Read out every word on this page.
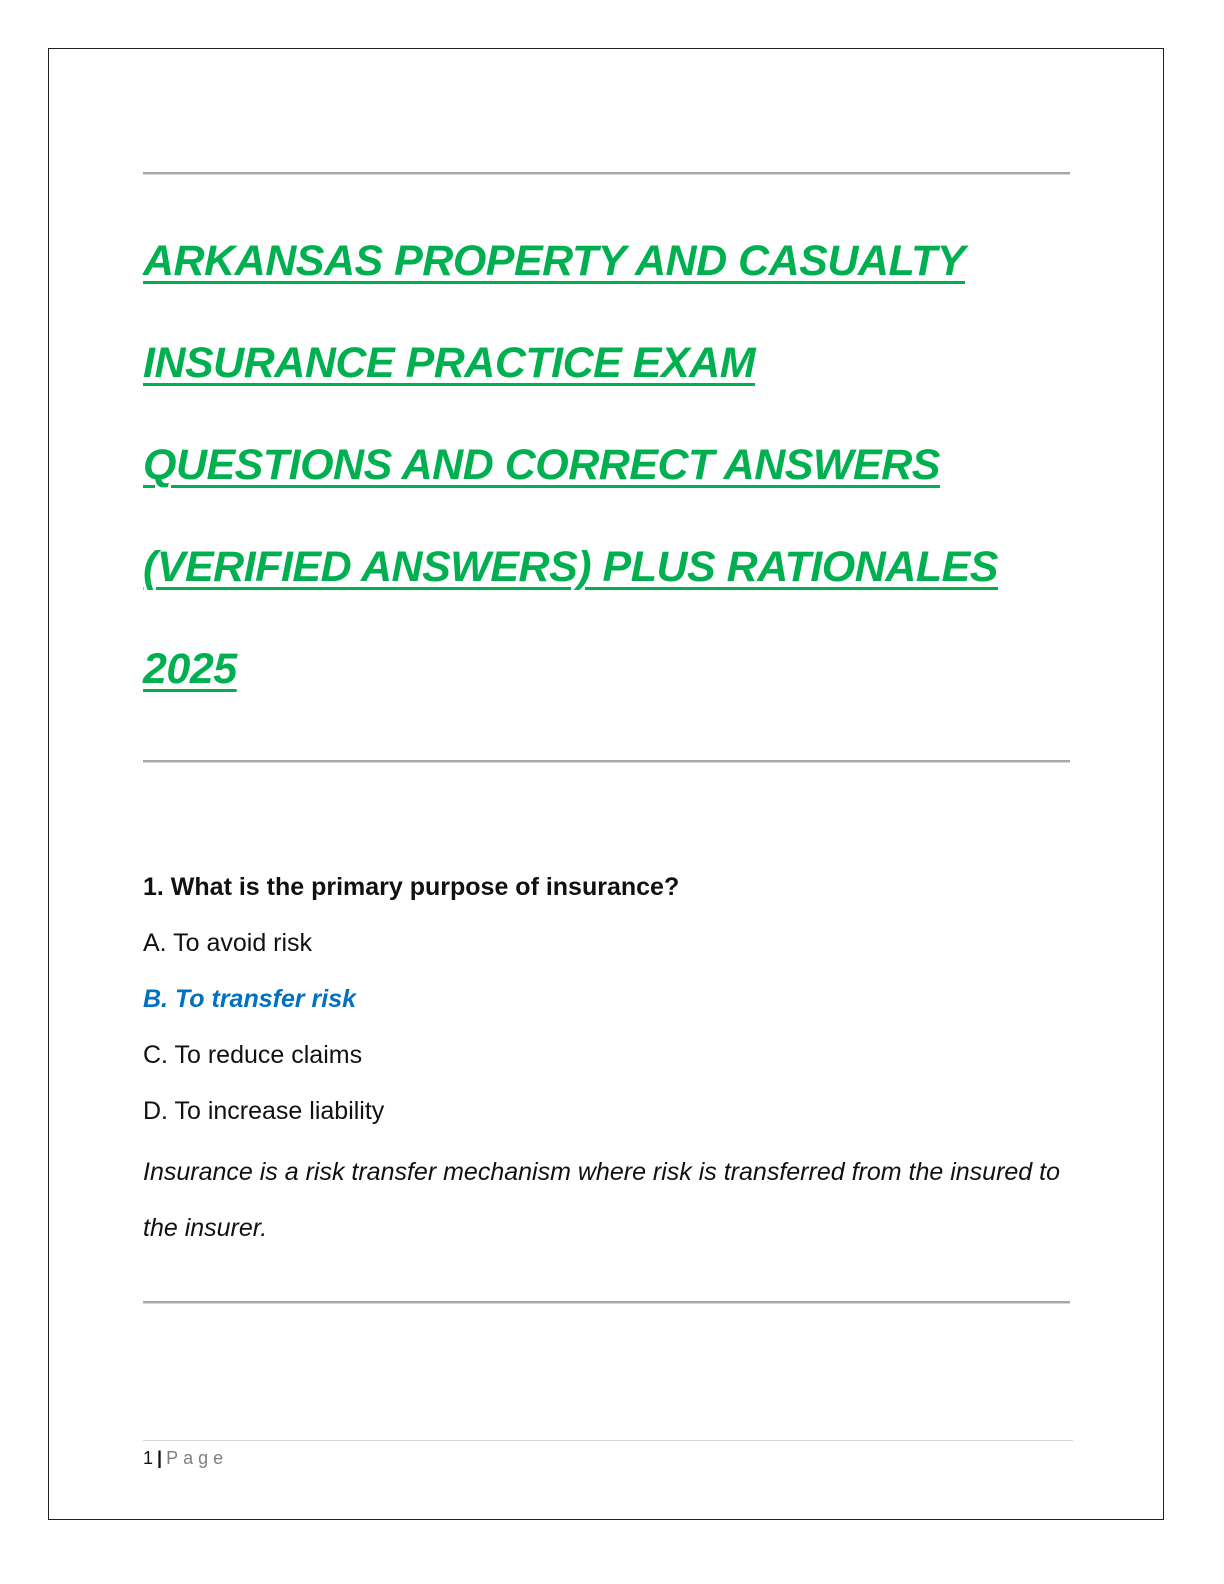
ARKANSAS PROPERTY AND CASUALTY
INSURANCE PRACTICE EXAM
QUESTIONS AND CORRECT ANSWERS
(VERIFIED ANSWERS) PLUS RATIONALES
2025
1. What is the primary purpose of insurance?
A. To avoid risk
B. To transfer risk
C. To reduce claims
D. To increase liability
Insurance is a risk transfer mechanism where risk is transferred from the insured to the insurer.
1 | Page
